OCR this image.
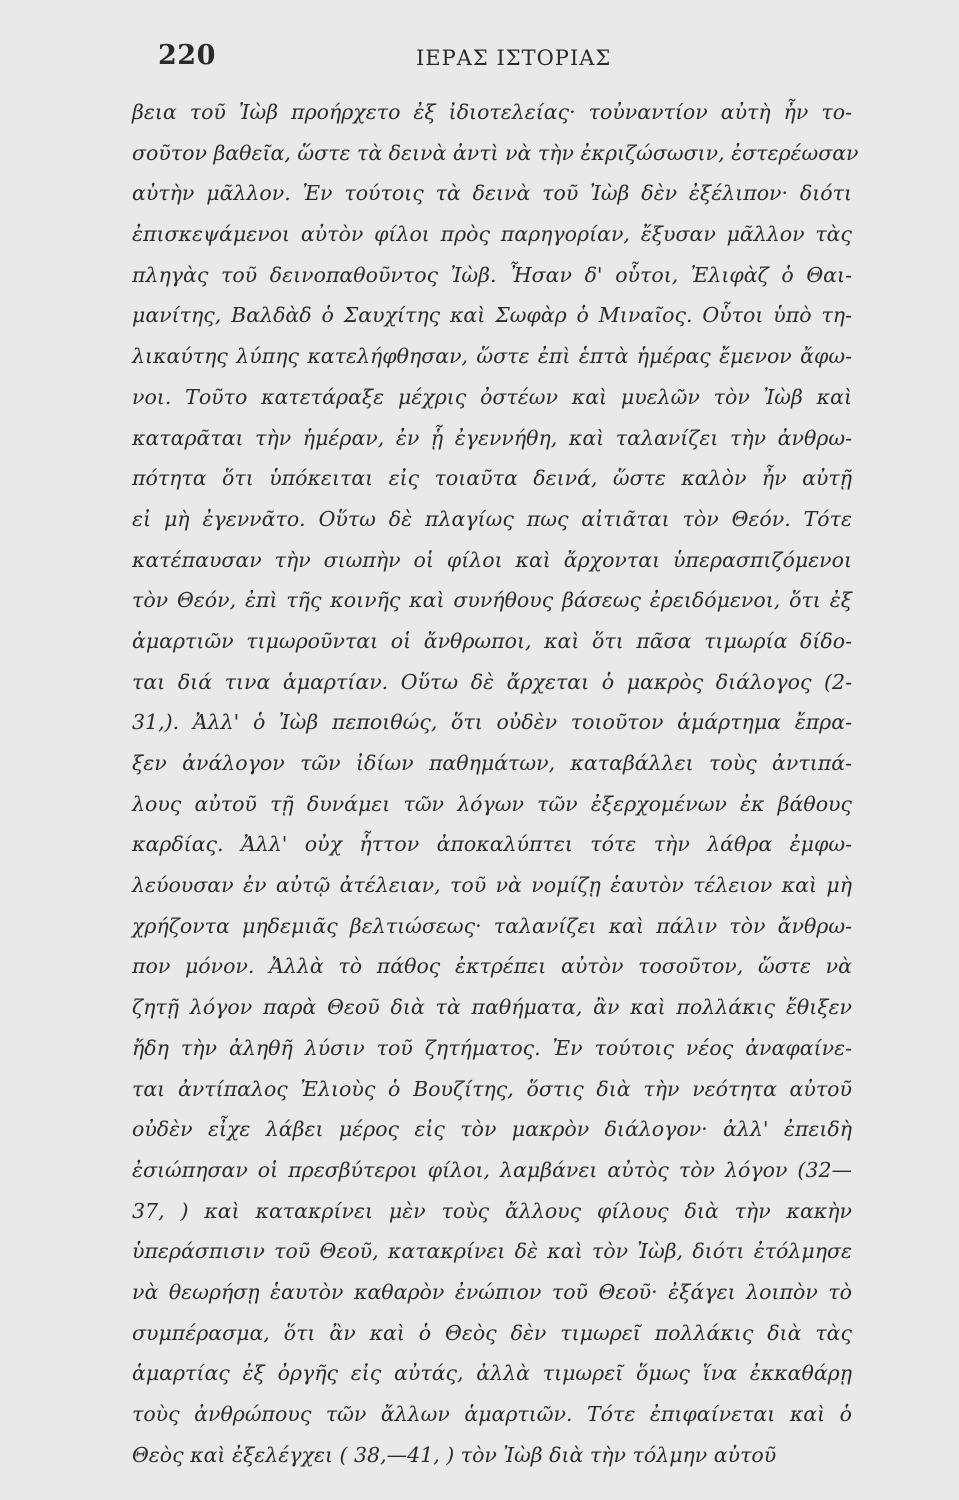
220	ΙΕΡΑΣ ΙΣΤΟΡΙΑΣ
βεια τοῦ Ἰὼβ προήρχετο ἐξ ἰδιοτελείας· τοὐναντίον αὐτὴ ἦν το-
σοῦτον βαθεῖα, ὥστε τὰ δεινὰ ἀντὶ νὰ τὴν ἐκριζώσωσιν, ἐστερέωσαν
αὐτὴν μᾶλλον. Ἐν τούτοις τὰ δεινὰ τοῦ Ἰὼβ δὲν ἐξέλιπον· διότι
ἐπισκεψάμενοι αὐτὸν φίλοι πρὸς παρηγορίαν, ἔξυσαν μᾶλλον τὰς
πληγὰς τοῦ δεινοπαθοῦντος Ἰὼβ. Ἦσαν δ' οὗτοι, Ἐλιφὰζ ὁ Θαι-
μανίτης, Βαλδὰδ ὁ Σαυχίτης καὶ Σωφὰρ ὁ Μιναῖος. Οὗτοι ὑπὸ τη-
λικαύτης λύπης κατελήφθησαν, ὥστε ἐπὶ ἑπτὰ ἡμέρας ἔμενον ἄφω-
νοι. Τοῦτο κατετάραξε μέχρις ὀστέων καὶ μυελῶν τὸν Ἰὼβ καὶ
καταρᾶται τὴν ἡμέραν, ἐν ᾗ ἐγεννήθη, καὶ ταλανίζει τὴν ἀνθρω-
πότητα ὅτι ὑπόκειται εἰς τοιαῦτα δεινά, ὥστε καλὸν ἦν αὐτῇ
εἰ μὴ ἐγεννᾶτο. Οὕτω δὲ πλαγίως πως αἰτιᾶται τὸν Θεόν. Τότε
κατέπαυσαν τὴν σιωπὴν οἱ φίλοι καὶ ἄρχονται ὑπερασπιζόμενοι
τὸν Θεόν, ἐπὶ τῆς κοινῆς καὶ συνήθους βάσεως ἐρειδόμενοι, ὅτι ἐξ
ἁμαρτιῶν τιμωροῦνται οἱ ἄνθρωποι, καὶ ὅτι πᾶσα τιμωρία δίδο-
ται διά τινα ἁμαρτίαν. Οὕτω δὲ ἄρχεται ὁ μακρὸς διάλογος (2-
31,). Ἀλλ' ὁ Ἰὼβ πεποιθώς, ὅτι οὐδὲν τοιοῦτον ἁμάρτημα ἔπρα-
ξεν ἀνάλογον τῶν ἰδίων παθημάτων, καταβάλλει τοὺς ἀντιπά-
λους αὐτοῦ τῇ δυνάμει τῶν λόγων τῶν ἐξερχομένων ἐκ βάθους
καρδίας. Ἀλλ' οὐχ ἧττον ἀποκαλύπτει τότε τὴν λάθρα ἐμφω-
λεύουσαν ἐν αὐτῷ ἀτέλειαν, τοῦ νὰ νομίζῃ ἑαυτὸν τέλειον καὶ μὴ
χρήζοντα μηδεμιᾶς βελτιώσεως· ταλανίζει καὶ πάλιν τὸν ἄνθρω-
πον μόνον. Ἀλλὰ τὸ πάθος ἐκτρέπει αὐτὸν τοσοῦτον, ὥστε νὰ
ζητῇ λόγον παρὰ Θεοῦ διὰ τὰ παθήματα, ἂν καὶ πολλάκις ἔθιξεν
ἤδη τὴν ἀληθῆ λύσιν τοῦ ζητήματος. Ἐν τούτοις νέος ἀναφαίνε-
ται ἀντίπαλος Ἐλιοὺς ὁ Βουζίτης, ὅστις διὰ τὴν νεότητα αὐτοῦ
οὐδὲν εἶχε λάβει μέρος εἰς τὸν μακρὸν διάλογον· ἀλλ' ἐπειδὴ
ἐσιώπησαν οἱ πρεσβύτεροι φίλοι, λαμβάνει αὐτὸς τὸν λόγον (32—
37, ) καὶ κατακρίνει μὲν τοὺς ἄλλους φίλους διὰ τὴν κακὴν
ὑπεράσπισιν τοῦ Θεοῦ, κατακρίνει δὲ καὶ τὸν Ἰὼβ, διότι ἐτόλμησε
νὰ θεωρήσῃ ἑαυτὸν καθαρὸν ἐνώπιον τοῦ Θεοῦ· ἐξάγει λοιπὸν τὸ
συμπέρασμα, ὅτι ἂν καὶ ὁ Θεὸς δὲν τιμωρεῖ πολλάκις διὰ τὰς
ἁμαρτίας ἐξ ὀργῆς εἰς αὐτάς, ἀλλὰ τιμωρεῖ ὅμως ἵνα ἐκκαθάρῃ
τοὺς ἀνθρώπους τῶν ἄλλων ἁμαρτιῶν. Τότε ἐπιφαίνεται καὶ ὁ
Θεὸς καὶ ἐξελέγχει ( 38,—41, ) τὸν Ἰὼβ διὰ τὴν τόλμην αὐτοῦ
